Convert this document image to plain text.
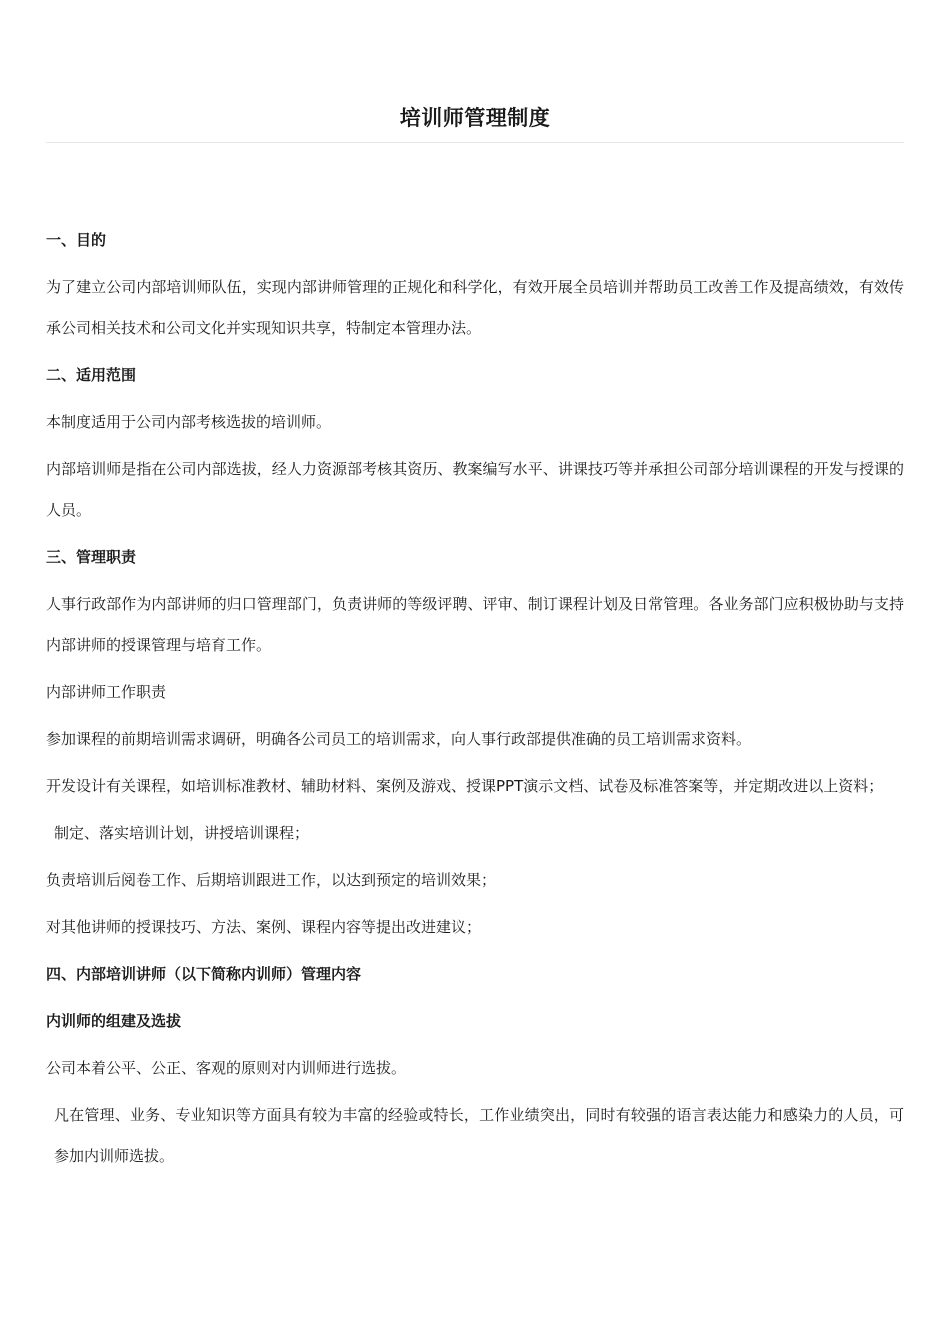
培训师管理制度

一、目的

为了建立公司内部培训师队伍，实现内部讲师管理的正规化和科学化，有效开展全员培训并帮助员工改善工作及提高绩效，有效传承公司相关技术和公司文化并实现知识共享，特制定本管理办法。

二、适用范围

本制度适用于公司内部考核选拔的培训师。

内部培训师是指在公司内部选拔，经人力资源部考核其资历、教案编写水平、讲课技巧等并承担公司部分培训课程的开发与授课的人员。

三、管理职责

人事行政部作为内部讲师的归口管理部门，负责讲师的等级评聘、评审、制订课程计划及日常管理。各业务部门应积极协助与支持内部讲师的授课管理与培育工作。

内部讲师工作职责

参加课程的前期培训需求调研，明确各公司员工的培训需求，向人事行政部提供准确的员工培训需求资料。

开发设计有关课程，如培训标准教材、辅助材料、案例及游戏、授课PPT演示文档、试卷及标准答案等，并定期改进以上资料；

制定、落实培训计划，讲授培训课程；

负责培训后阅卷工作、后期培训跟进工作，以达到预定的培训效果；

对其他讲师的授课技巧、方法、案例、课程内容等提出改进建议；

四、内部培训讲师（以下简称内训师）管理内容

内训师的组建及选拔

公司本着公平、公正、客观的原则对内训师进行选拔。

凡在管理、业务、专业知识等方面具有较为丰富的经验或特长，工作业绩突出，同时有较强的语言表达能力和感染力的人员，可参加内训师选拔。
